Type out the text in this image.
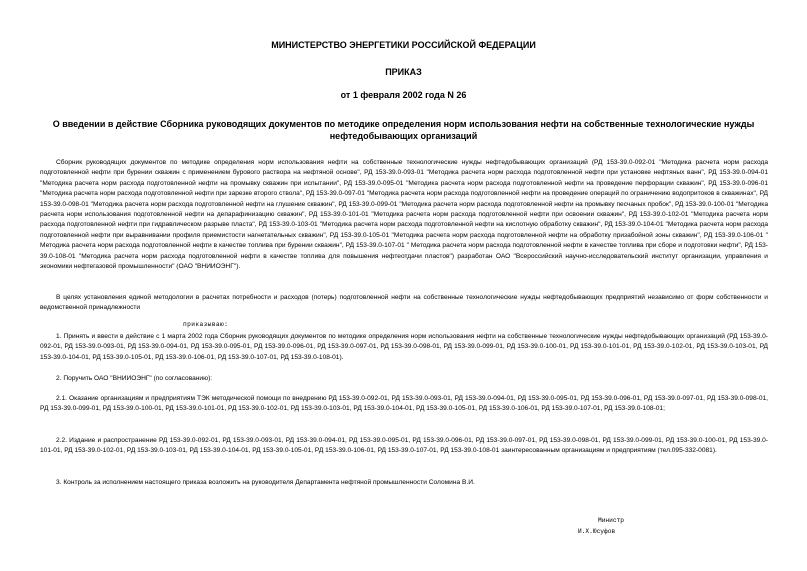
МИНИСТЕРСТВО ЭНЕРГЕТИКИ РОССИЙСКОЙ ФЕДЕРАЦИИ
ПРИКАЗ
от 1 февраля 2002 года N 26
О введении в действие Сборника руководящих документов по методике определения норм использования нефти на собственные технологические нужды нефтедобывающих организаций
Сборник руководящих документов по методике определения норм использования нефти на собственные технологические нужды нефтедобывающих организаций (РД 153-39.0-092-01 "Методика расчета норм расхода подготовленной нефти при бурении скважин с применением бурового раствора на нефтяной основе", РД 153-39.0-093-01 "Методика расчета норм расхода подготовленной нефти при установке нефтяных ванн", РД 153-39.0-094-01 "Методика расчета норм расхода подготовленной нефти на промывку скважин при испытании", РД 153-39.0-095-01 "Методика расчета норм расхода подготовленной нефти на проведение перфорации скважин", РД 153-39.0-096-01 "Методика расчета норм расхода подготовленной нефти при зарезке второго ствола", РД 153-39.0-097-01 "Методика расчета норм расхода подготовленной нефти на проведение операций по ограничению водопритоков в скважинах", РД 153-39.0-098-01 "Методика расчета норм расхода подготовленной нефти на глушение скважин", РД 153-39.0-099-01 "Методика расчета норм расхода подготовленной нефти на промывку песчаных пробок", РД 153-39.0-100-01 "Методика расчета норм использования подготовленной нефти на депарафинизацию скважин", РД 153-39.0-101-01 "Методика расчета норм расхода подготовленной нефти при освоении скважин", РД 153-39.0-102-01 "Методика расчета норм расхода подготовленной нефти при гидравлическом разрыве пласта", РД 153-39.0-103-01 "Методика расчета норм расхода подготовленной нефти на кислотную обработку скважин", РД 153-39.0-104-01 "Методика расчета норм расхода подготовленной нефти при выравнивании профиля приемистости нагнетательных скважин", РД 153-39.0-105-01 "Методика расчета норм расхода подготовленной нефти на обработку призабойной зоны скважин", РД 153-39.0-106-01 " Методика расчета норм расхода подготовленной нефти в качестве топлива при бурении скважин", РД 153-39.0-107-01 " Методика расчета норм расхода подготовленной нефти в качестве топлива при сборе и подготовки нефти", РД 153-39.0-108-01 "Методика расчета норм расхода подготовленной нефти в качестве топлива для повышения нефтеотдачи пластов") разработан ОАО "Всероссийский научно-исследовательский институт организации, управления и экономики нефтегазовой промышленности" (ОАО "ВНИИОЭНГ").
В целях установления единой методологии в расчетах потребности и расходов (потерь) подготовленной нефти на собственные технологические нужды нефтедобывающих предприятий независимо от форм собственности и ведомственной принадлежности
приказываю:
1. Принять и ввести в действие с 1 марта 2002 года Сборник руководящих документов по методике определения норм использования нефти на собственные технологические нужды нефтедобывающих организаций (РД 153-39.0-092-01, РД 153-39.0-093-01, РД 153-39.0-094-01, РД 153-39.0-095-01, РД 153-39.0-096-01, РД 153-39.0-097-01, РД 153-39.0-098-01, РД 153-39.0-099-01, РД 153-39.0-100-01, РД 153-39.0-101-01, РД 153-39.0-102-01, РД 153-39.0-103-01, РД 153-39.0-104-01, РД 153-39.0-105-01, РД 153-39.0-106-01, РД 153-39.0-107-01, РД 153-39.0-108-01).
2. Поручить ОАО "ВНИИОЭНГ" (по согласованию):
2.1. Оказание организациям и предприятиям ТЭК методической помощи по внедрению РД 153-39.0-092-01, РД 153-39.0-093-01, РД 153-39.0-094-01, РД 153-39.0-095-01, РД 153-39.0-096-01, РД 153-39.0-097-01, РД 153-39.0-098-01, РД 153-39.0-099-01, РД 153-39.0-100-01, РД 153-39.0-101-01, РД 153-39.0-102-01, РД 153-39.0-103-01, РД 153-39.0-104-01, РД 153-39.0-105-01, РД 153-39.0-106-01, РД 153-39.0-107-01, РД 153-39.0-108-01;
2.2. Издание и распространение РД 153-39.0-092-01, РД 153-39.0-093-01, РД 153-39.0-094-01, РД 153-39.0-095-01, РД 153-39.0-096-01, РД 153-39.0-097-01, РД 153-39.0-098-01, РД 153-39.0-099-01, РД 153-39.0-100-01, РД 153-39.0-101-01, РД 153-39.0-102-01, РД 153-39.0-103-01, РД 153-39.0-104-01, РД 153-39.0-105-01, РД 153-39.0-106-01, РД 153-39.0-107-01, РД 153-39.0-108-01 заинтересованным организациям и предприятиям (тел.095-332-0081).
3. Контроль за исполнением настоящего приказа возложить на руководителя Департамента нефтяной промышленности Соломина В.И.
Министр
И.Х.Юсуфов
